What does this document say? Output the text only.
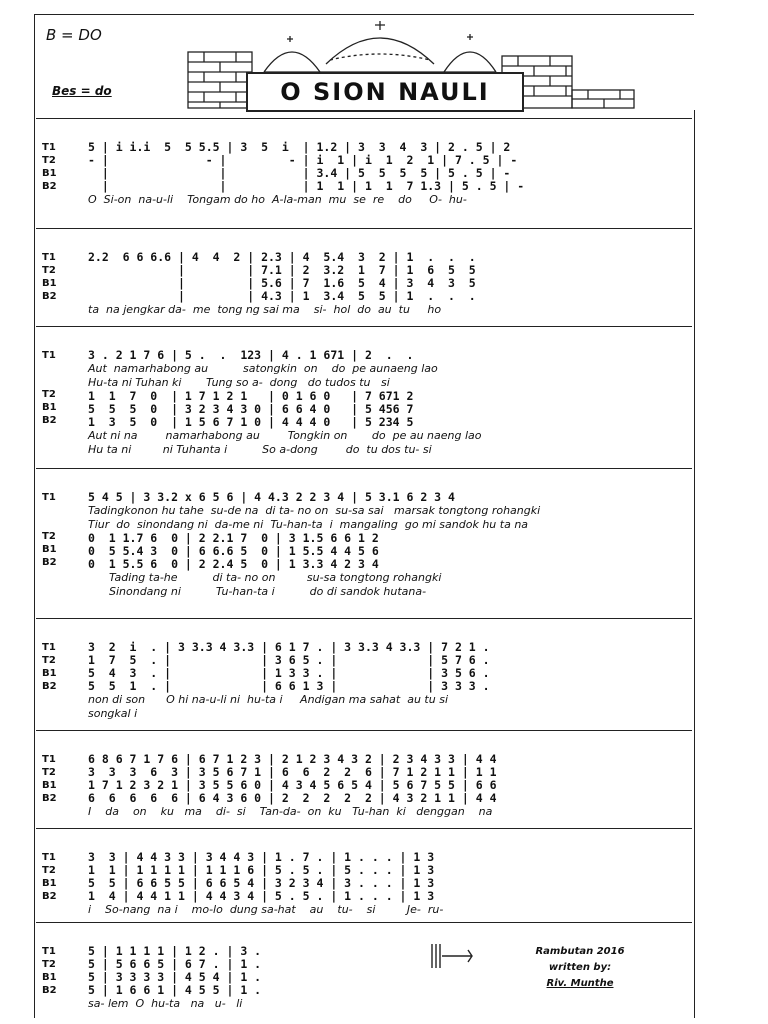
B = DO
Bes = do	O SION NAULI
T1
T2
B1
B2
5 | i i.i  5  5 5.5 | 3  5  i  | 1.2 | 3  3  4  3 | 2 . 5 | 2
- |              - |         - | i  1 | i  1  2  1 | 7 . 5 | -
|                |           | 3.4 | 5  5  5  5 | 5 . 5 | -
|                |           | 1  1 | 1  1  7 1.3 | 5 . 5 | -
O  Si-on  na-u-li    Tongam do ho  A-la-man  mu  se  re    do     O-  hu-
T1
T2
B1
B2
2.2  6 6 6.6 | 4  4  2 | 2.3 | 4  5.4  3  2 | 1  .  .  .
|         | 7.1 | 2  3.2  1  7 | 1  6  5  5
|         | 5.6 | 7  1.6  5  4 | 3  4  3  5
|         | 4.3 | 1  3.4  5  5 | 1  .  .  .
ta  na jengkar da-  me  tong ng sai ma    si-  hol  do  au  tu     ho
T1
T2
B1
B2
3 . 2 1 7 6 | 5 .  .  123 | 4 . 1 671 | 2  .  .
Aut  namarhabong au          satongkin  on    do  pe aunaeng lao
Hu-ta ni Tuhan ki       Tung so a-  dong   do tudos tu   si
1  1  7  0  | 1 7 1 2 1   | 0 1 6 0   | 7 671 2
5  5  5  0  | 3 2 3 4 3 0 | 6 6 4 0   | 5 456 7
1  3  5  0  | 1 5 6 7 1 0 | 4 4 4 0   | 5 234 5
Aut ni na        namarhabong au        Tongkin on       do  pe au naeng lao
Hu ta ni         ni Tuhanta i          So a-dong        do  tu dos tu- si
T1
T2
B1
B2
5 4 5 | 3 3.2 x 6 5 6 | 4 4.3 2 2 3 4 | 5 3.1 6 2 3 4
Tadingkonon hu tahe  su-de na  di ta- no on  su-sa sai   marsak tongtong rohangki
Tiur  do  sinondang ni  da-me ni  Tu-han-ta  i  mangaling  go mi sandok hu ta na
0  1 1.7 6  0 | 2 2.1 7  0 | 3 1.5 6 6 1 2
0  5 5.4 3  0 | 6 6.6 5  0 | 1 5.5 4 4 5 6
0  1 5.5 6  0 | 2 2.4 5  0 | 1 3.3 4 2 3 4
Tading ta-he          di ta- no on         su-sa tongtong rohangki
Sinondang ni          Tu-han-ta i          do di sandok hutana-
T1
T2
B1
B2
3  2  i  . | 3 3.3 4 3.3 | 6 1 7 . | 3 3.3 4 3.3 | 7 2 1 .
1  7  5  . |             | 3 6 5 . |             | 5 7 6 .
5  4  3  . |             | 1 3 3 . |             | 3 5 6 .
5  5  1  . |             | 6 6 1 3 |             | 3 3 3 .
non di son      O hi na-u-li ni  hu-ta i     Andigan ma sahat  au tu si
songkal i
T1
T2
B1
B2
6 8 6 7 1 7 6 | 6 7 1 2 3 | 2 1 2 3 4 3 2 | 2 3 4 3 3 | 4 4
3  3  3  6  3 | 3 5 6 7 1 | 6  6  2  2  6 | 7 1 2 1 1 | 1 1
1 7 1 2 3 2 1 | 3 5 5 6 0 | 4 3 4 5 6 5 4 | 5 6 7 5 5 | 6 6
6  6  6  6  6 | 6 4 3 6 0 | 2  2  2  2  2 | 4 3 2 1 1 | 4 4
I    da    on    ku   ma    di-  si    Tan-da-  on  ku   Tu-han  ki   denggan    na
T1
T2
B1
B2
3  3 | 4 4 3 3 | 3 4 4 3 | 1 . 7 . | 1 . . . | 1 3
1  1 | 1 1 1 1 | 1 1 1 6 | 5 . 5 . | 5 . . . | 1 3
5  5 | 6 6 5 5 | 6 6 5 4 | 3 2 3 4 | 3 . . . | 1 3
1  4 | 4 4 1 1 | 4 4 3 4 | 5 . 5 . | 1 . . . | 1 3
i    So-nang  na i    mo-lo  dung sa-hat    au    tu-    si         Je-  ru-
T1
T2
B1
B2
5 | 1 1 1 1 | 1 2 . | 3 .
5 | 5 6 6 5 | 6 7 . | 1 .
5 | 3 3 3 3 | 4 5 4 | 1 .
5 | 1 6 6 1 | 4 5 5 | 1 .
sa- lem  O  hu-ta   na   u-   li
Rambutan 2016
written by:
Riv. Munthe
